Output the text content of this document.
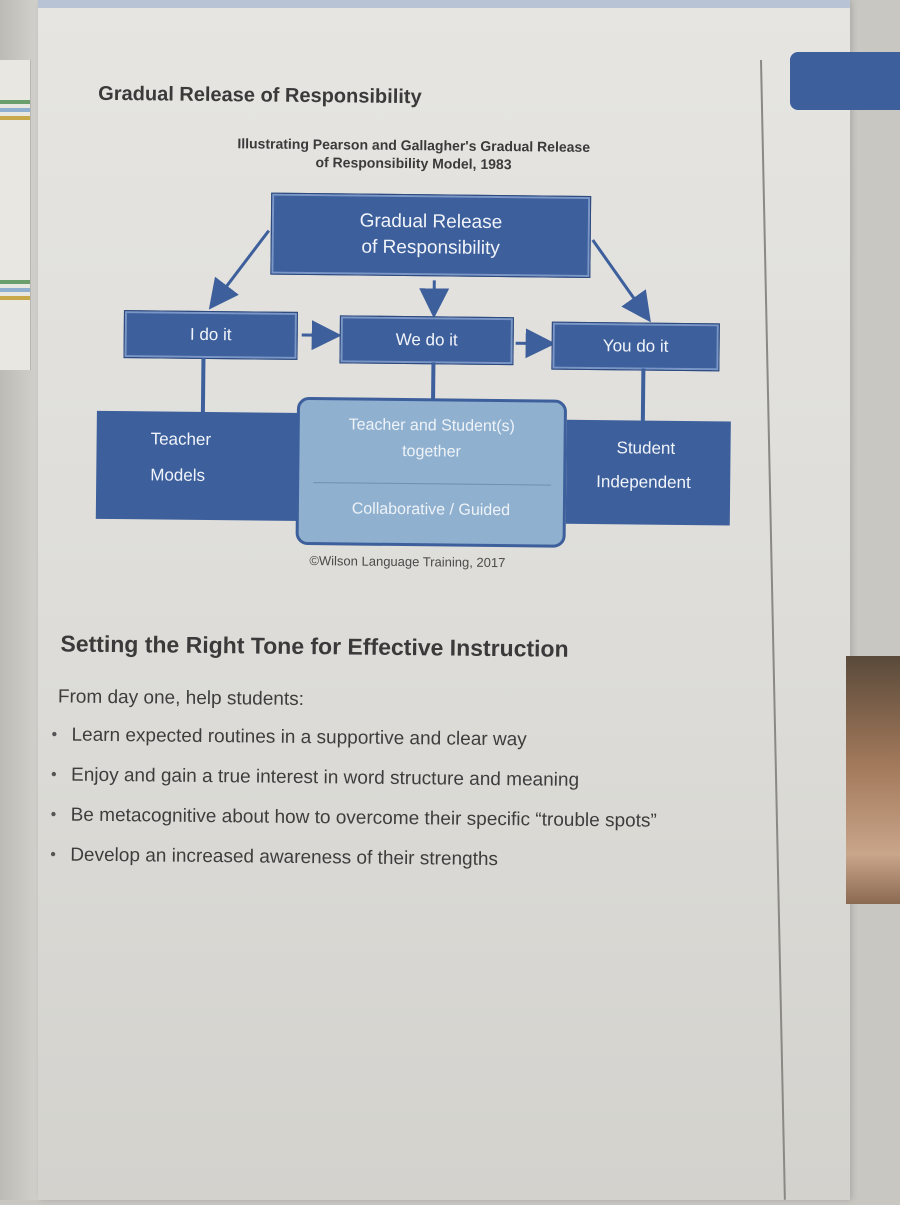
Gradual Release of Responsibility
Illustrating Pearson and Gallagher's Gradual Release
of Responsibility Model, 1983
Gradual Release
of Responsibility
I do it	We do it	You do it
Teacher
Models
Student
Independent
Teacher and Student(s)
together
Collaborative / Guided
©Wilson Language Training, 2017
Setting the Right Tone for Effective Instruction
From day one, help students:
• Learn expected routines in a supportive and clear way
• Enjoy and gain a true interest in word structure and meaning
• Be metacognitive about how to overcome their specific “trouble spots”
• Develop an increased awareness of their strengths
